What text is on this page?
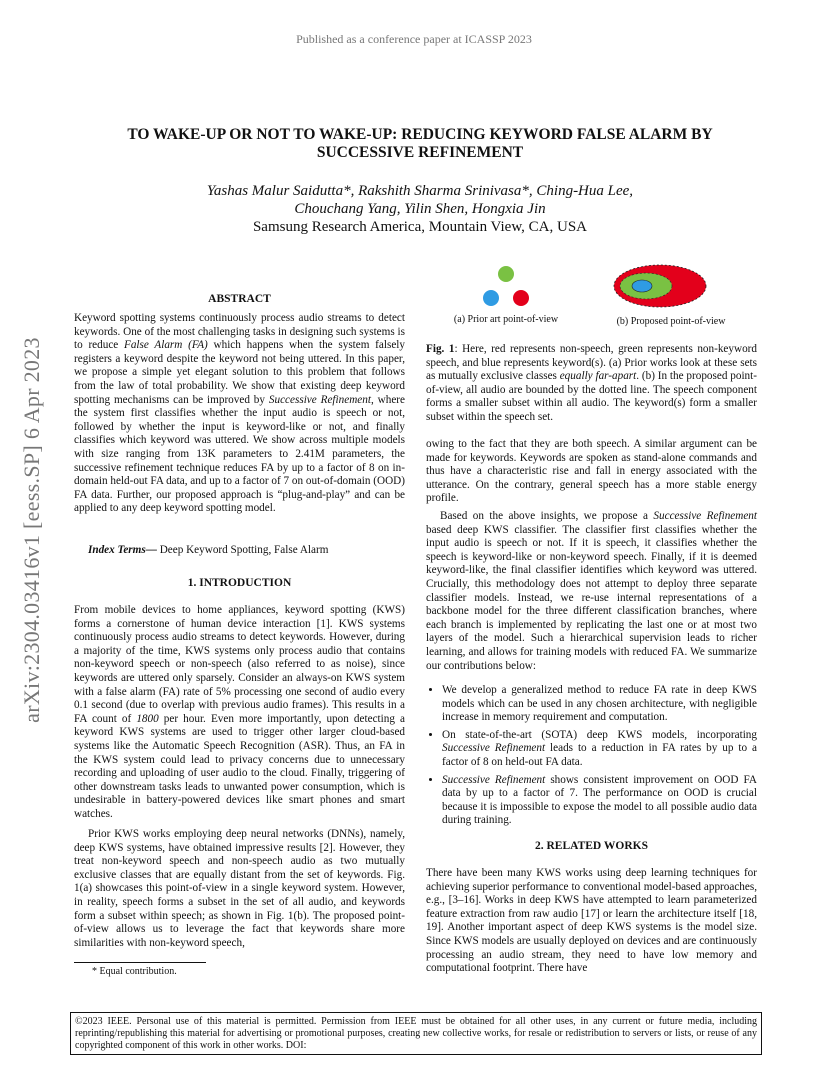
Published as a conference paper at ICASSP 2023
arXiv:2304.03416v1 [eess.SP] 6 Apr 2023
TO WAKE-UP OR NOT TO WAKE-UP: REDUCING KEYWORD FALSE ALARM BY SUCCESSIVE REFINEMENT
Yashas Malur Saidutta*, Rakshith Sharma Srinivasa*, Ching-Hua Lee,
Chouchang Yang, Yilin Shen, Hongxia Jin
Samsung Research America, Mountain View, CA, USA
ABSTRACT

Keyword spotting systems continuously process audio streams to detect keywords. One of the most challenging tasks in designing such systems is to reduce False Alarm (FA) which happens when the system falsely registers a keyword despite the keyword not being uttered. In this paper, we propose a simple yet elegant solution to this problem that follows from the law of total probability. We show that existing deep keyword spotting mechanisms can be improved by Successive Refinement, where the system first classifies whether the input audio is speech or not, followed by whether the input is keyword-like or not, and finally classifies which keyword was uttered. We show across multiple models with size ranging from 13K parameters to 2.41M parameters, the successive refinement technique reduces FA by up to a factor of 8 on in-domain held-out FA data, and up to a factor of 7 on out-of-domain (OOD) FA data. Further, our proposed approach is “plug-and-play” and can be applied to any deep keyword spotting model.

Index Terms— Deep Keyword Spotting, False Alarm

1. INTRODUCTION

From mobile devices to home appliances, keyword spotting (KWS) forms a cornerstone of human device interaction [1]. KWS systems continuously process audio streams to detect keywords. However, during a majority of the time, KWS systems only process audio that contains non-keyword speech or non-speech (also referred to as noise), since keywords are uttered only sparsely. Consider an always-on KWS system with a false alarm (FA) rate of 5% processing one second of audio every 0.1 second (due to overlap with previous audio frames). This results in a FA count of 1800 per hour. Even more importantly, upon detecting a keyword KWS systems are used to trigger other larger cloud-based systems like the Automatic Speech Recognition (ASR). Thus, an FA in the KWS system could lead to privacy concerns due to unnecessary recording and uploading of user audio to the cloud. Finally, triggering of other downstream tasks leads to unwanted power consumption, which is undesirable in battery-powered devices like smart phones and smart watches.

Prior KWS works employing deep neural networks (DNNs), namely, deep KWS systems, have obtained impressive results [2]. However, they treat non-keyword speech and non-speech audio as two mutually exclusive classes that are equally distant from the set of keywords. Fig. 1(a) showcases this point-of-view in a single keyword system. However, in reality, speech forms a subset in the set of all audio, and keywords form a subset within speech; as shown in Fig. 1(b). The proposed point-of-view allows us to leverage the fact that keywords share more similarities with non-keyword speech,

(a) Prior art point-of-view	(b) Proposed point-of-view

Fig. 1: Here, red represents non-speech, green represents non-keyword speech, and blue represents keyword(s). (a) Prior works look at these sets as mutually exclusive classes equally far-apart. (b) In the proposed point-of-view, all audio are bounded by the dotted line. The speech component forms a smaller subset within all audio. The keyword(s) form a smaller subset within the speech set.

owing to the fact that they are both speech. A similar argument can be made for keywords. Keywords are spoken as stand-alone commands and thus have a characteristic rise and fall in energy associated with the utterance. On the contrary, general speech has a more stable energy profile.

Based on the above insights, we propose a Successive Refinement based deep KWS classifier. The classifier first classifies whether the input audio is speech or not. If it is speech, it classifies whether the speech is keyword-like or non-keyword speech. Finally, if it is deemed keyword-like, the final classifier identifies which keyword was uttered. Crucially, this methodology does not attempt to deploy three separate classifier models. Instead, we re-use internal representations of a backbone model for the three different classification branches, where each branch is implemented by replicating the last one or at most two layers of the model. Such a hierarchical supervision leads to richer learning, and allows for training models with reduced FA. We summarize our contributions below:

• We develop a generalized method to reduce FA rate in deep KWS models which can be used in any chosen architecture, with negligible increase in memory requirement and computation.
• On state-of-the-art (SOTA) deep KWS models, incorporating Successive Refinement leads to a reduction in FA rates by up to a factor of 8 on held-out FA data.
• Successive Refinement shows consistent improvement on OOD FA data by up to a factor of 7. The performance on OOD is crucial because it is impossible to expose the model to all possible audio data during training.
2. RELATED WORKS

There have been many KWS works using deep learning techniques for achieving superior performance to conventional model-based approaches, e.g., [3–16]. Works in deep KWS have attempted to learn parameterized feature extraction from raw audio [17] or learn the architecture itself [18, 19]. Another important aspect of deep KWS systems is the model size. Since KWS models are usually deployed on devices and are continuously processing an audio stream, they need to have low memory and computational footprint. There have

* Equal contribution.
©2023 IEEE. Personal use of this material is permitted. Permission from IEEE must be obtained for all other uses, in any current or future media, including reprinting/republishing this material for advertising or promotional purposes, creating new collective works, for resale or redistribution to servers or lists, or reuse of any copyrighted component of this work in other works. DOI:
